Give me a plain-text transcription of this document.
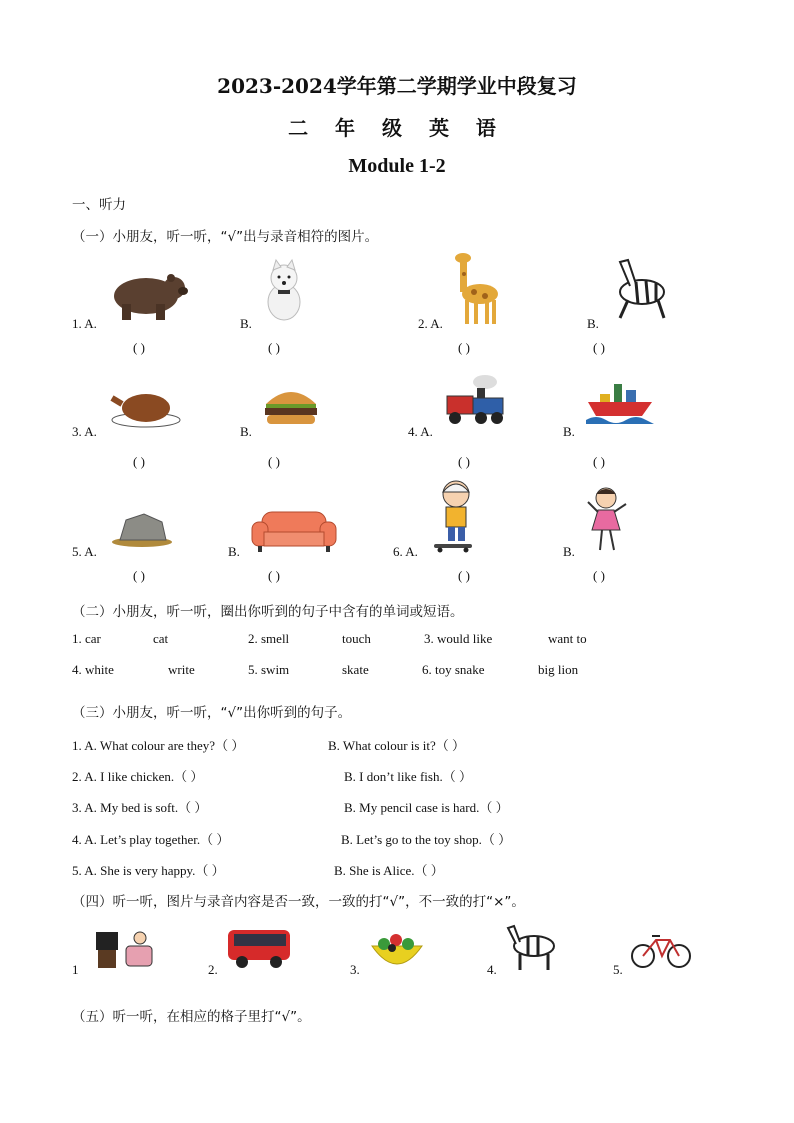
2023-2024学年第二学期学业中段复习
二 年 级 英 语
Module 1-2
一、听力
（一）小朋友，听一听，“√”出与录音相符的图片。
1. A.	B.	2. A.	B.
( )	( )	( )	( )
3. A.	B.	4. A.	B.
( )	( )	( )	( )
5. A.	B.	6. A.	B.
( )	( )	( )	( )
（二）小朋友，听一听，圈出你听到的句子中含有的单词或短语。
1. car	cat	2. smell	touch	3. would like	want to
4. white	write	5. swim	skate	6. toy snake	big lion
（三）小朋友，听一听，“√”出你听到的句子。
1. A. What colour are they?（ ）	B. What colour is it?（ ）
2. A. I like chicken.（ ）	B. I don’t like fish.（ ）
3. A. My bed is soft.（ ）	B. My pencil case is hard.（ ）
4. A. Let’s play together.（ ）	B. Let’s go to the toy shop.（ ）
5. A. She is very happy.（ ）	B. She is Alice.（ ）
（四）听一听，图片与录音内容是否一致，一致的打“√”，不一致的打“×”。
1	2.	3.	4.	5.
（五）听一听，在相应的格子里打“√”。
